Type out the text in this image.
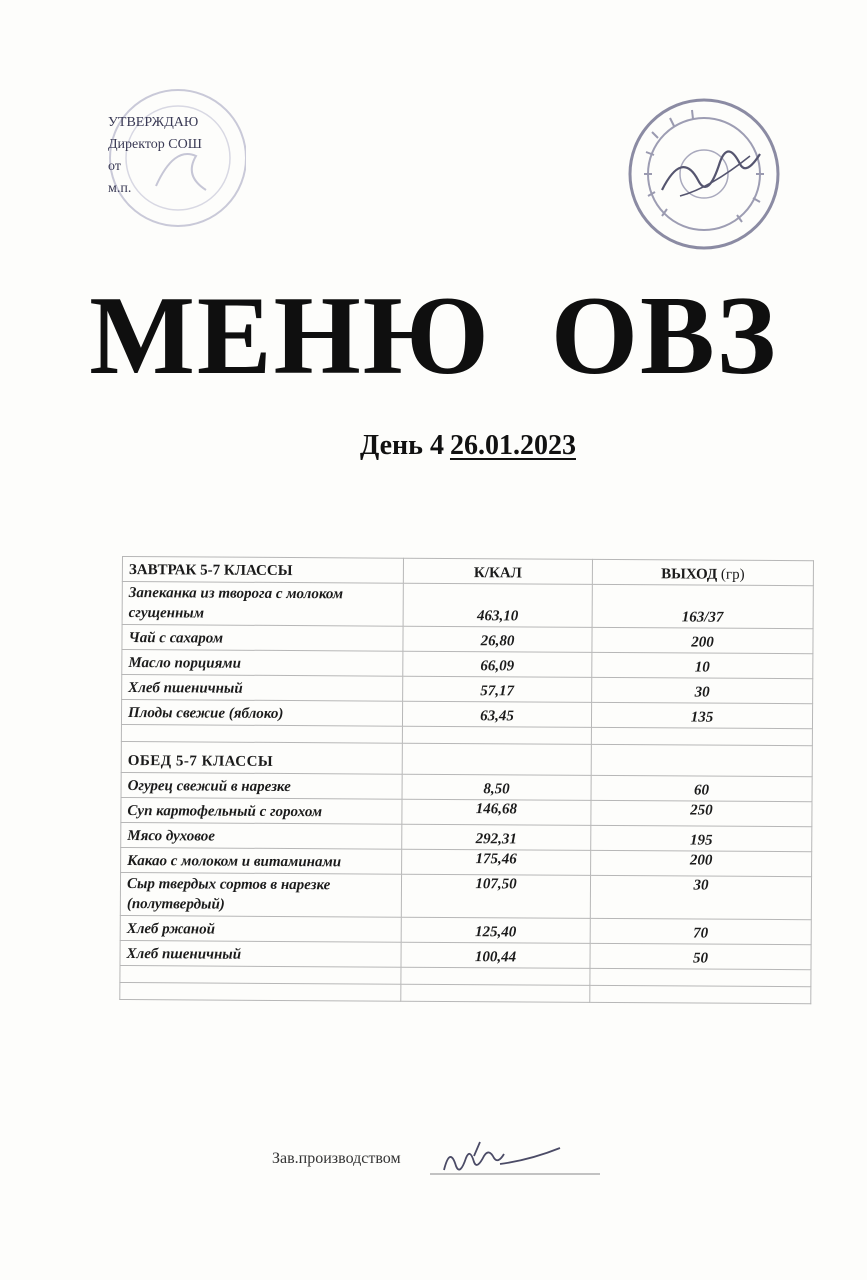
УТВЕРЖДАЮ
Директор СОШ
от
м.п.
МЕНЮ ОВЗ
День 4 26.01.2023
ЗАВТРАК 5-7 КЛАССЫ	К/КАЛ	ВЫХОД (гр)
Запеканка из творога с молоком сгущенным	463,10	163/37
Чай с сахаром	26,80	200
Масло порциями	66,09	10
Хлеб пшеничный	57,17	30
Плоды свежие (яблоко)	63,45	135

ОБЕД 5-7 КЛАССЫ		
Огурец свежий в нарезке	8,50	60
Суп картофельный с горохом	146,68	250
Мясо духовое	292,31	195
Какао с молоком и витаминами	175,46	200
Сыр твердых сортов в нарезке (полутвердый)	107,50	30
Хлеб ржаной	125,40	70
Хлеб пшеничный	100,44	50

Зав.производством
